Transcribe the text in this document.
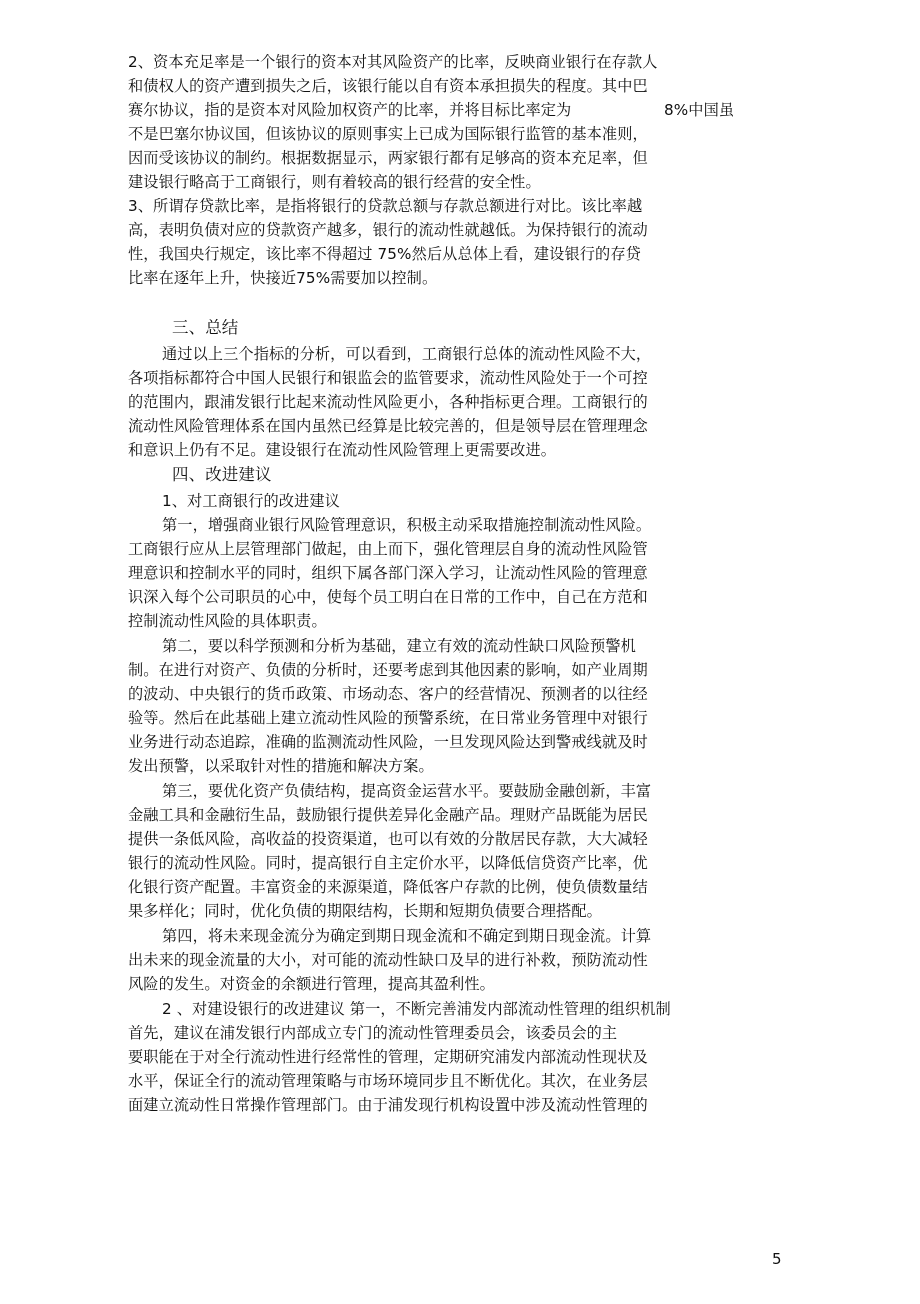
2、资本充足率是一个银行的资本对其风险资产的比率，反映商业银行在存款人
和债权人的资产遭到损失之后，该银行能以自有资本承担损失的程度。其中巴
赛尔协议，指的是资本对风险加权资产的比率，并将目标比率定为	8%中国虽
不是巴塞尔协议国，但该协议的原则事实上已成为国际银行监管的基本准则，
因而受该协议的制约。根据数据显示，两家银行都有足够高的资本充足率，但
建设银行略高于工商银行，则有着较高的银行经营的安全性。
3、所谓存贷款比率，是指将银行的贷款总额与存款总额进行对比。该比率越
高，表明负债对应的贷款资产越多，银行的流动性就越低。为保持银行的流动
性，我国央行规定，该比率不得超过 75%然后从总体上看，建设银行的存贷
比率在逐年上升，快接近75%需要加以控制。
三、总结
通过以上三个指标的分析，可以看到，工商银行总体的流动性风险不大，
各项指标都符合中国人民银行和银监会的监管要求，流动性风险处于一个可控
的范围内，跟浦发银行比起来流动性风险更小，各种指标更合理。工商银行的
流动性风险管理体系在国内虽然已经算是比较完善的，但是领导层在管理理念
和意识上仍有不足。建设银行在流动性风险管理上更需要改进。
四、改进建议
1、对工商银行的改进建议
第一，增强商业银行风险管理意识，积极主动采取措施控制流动性风险。
工商银行应从上层管理部门做起，由上而下，强化管理层自身的流动性风险管
理意识和控制水平的同时，组织下属各部门深入学习，让流动性风险的管理意
识深入每个公司职员的心中，使每个员工明白在日常的工作中，自己在方范和
控制流动性风险的具体职责。
第二，要以科学预测和分析为基础，建立有效的流动性缺口风险预警机
制。在进行对资产、负债的分析时，还要考虑到其他因素的影响，如产业周期
的波动、中央银行的货币政策、市场动态、客户的经营情况、预测者的以往经
验等。然后在此基础上建立流动性风险的预警系统，在日常业务管理中对银行
业务进行动态追踪，准确的监测流动性风险，一旦发现风险达到警戒线就及时
发出预警，以采取针对性的措施和解决方案。
第三，要优化资产负债结构，提高资金运营水平。要鼓励金融创新，丰富
金融工具和金融衍生品，鼓励银行提供差异化金融产品。理财产品既能为居民
提供一条低风险，高收益的投资渠道，也可以有效的分散居民存款，大大减轻
银行的流动性风险。同时，提高银行自主定价水平，以降低信贷资产比率，优
化银行资产配置。丰富资金的来源渠道，降低客户存款的比例，使负债数量结
果多样化；同时，优化负债的期限结构，长期和短期负债要合理搭配。
第四，将未来现金流分为确定到期日现金流和不确定到期日现金流。计算
出未来的现金流量的大小，对可能的流动性缺口及早的进行补救，预防流动性
风险的发生。对资金的余额进行管理，提高其盈利性。
2 、对建设银行的改进建议 第一，不断完善浦发内部流动性管理的组织机制
首先，建议在浦发银行内部成立专门的流动性管理委员会，该委员会的主
要职能在于对全行流动性进行经常性的管理，定期研究浦发内部流动性现状及
水平，保证全行的流动管理策略与市场环境同步且不断优化。其次，在业务层
面建立流动性日常操作管理部门。由于浦发现行机构设置中涉及流动性管理的
5
